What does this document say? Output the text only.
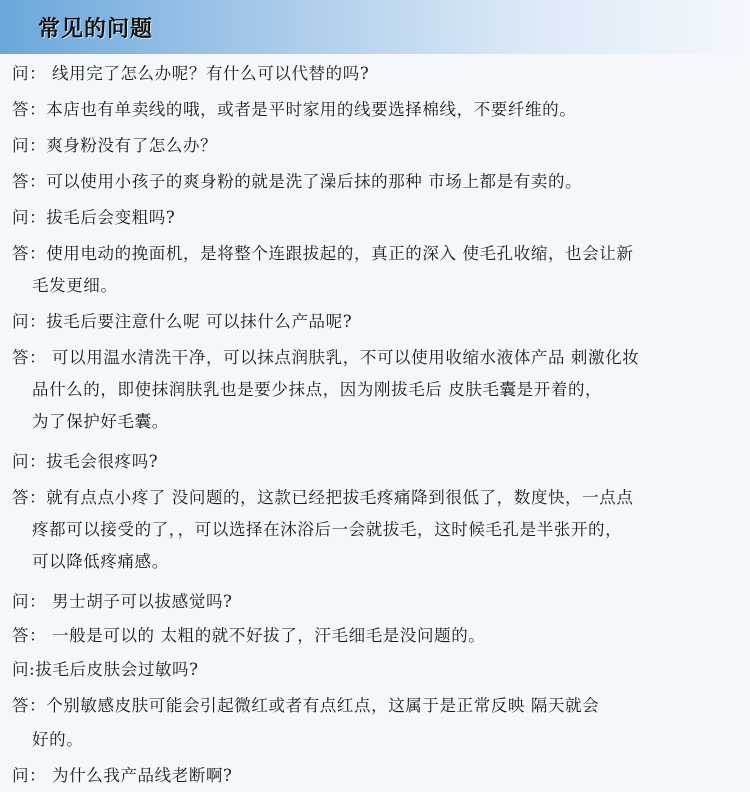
常见的问题
问： 线用完了怎么办呢？有什么可以代替的吗?
答：本店也有单卖线的哦，或者是平时家用的线要选择棉线，不要纤维的。
问：爽身粉没有了怎么办？
答：可以使用小孩子的爽身粉的就是洗了澡后抹的那种 市场上都是有卖的。
问：拔毛后会变粗吗?
答：使用电动的挽面机，是将整个连跟拔起的，真正的深入 使毛孔收缩，也会让新
毛发更细。
问：拔毛后要注意什么呢 可以抹什么产品呢?
答： 可以用温水清洗干净，可以抹点润肤乳，不可以使用收缩水液体产品 刺激化妆
品什么的，即使抹润肤乳也是要少抹点，因为刚拔毛后 皮肤毛囊是开着的，
为了保护好毛囊。
问：拔毛会很疼吗?
答：就有点点小疼了 没问题的，这款已经把拔毛疼痛降到很低了，数度快，一点点
疼都可以接受的了，，可以选择在沐浴后一会就拔毛，这时候毛孔是半张开的，
可以降低疼痛感。
问： 男士胡子可以拔感觉吗?
答： 一般是可以的 太粗的就不好拔了，汗毛细毛是没问题的。
问:拔毛后皮肤会过敏吗?
答：个别敏感皮肤可能会引起微红或者有点红点，这属于是正常反映 隔天就会
好的。
问： 为什么我产品线老断啊?
